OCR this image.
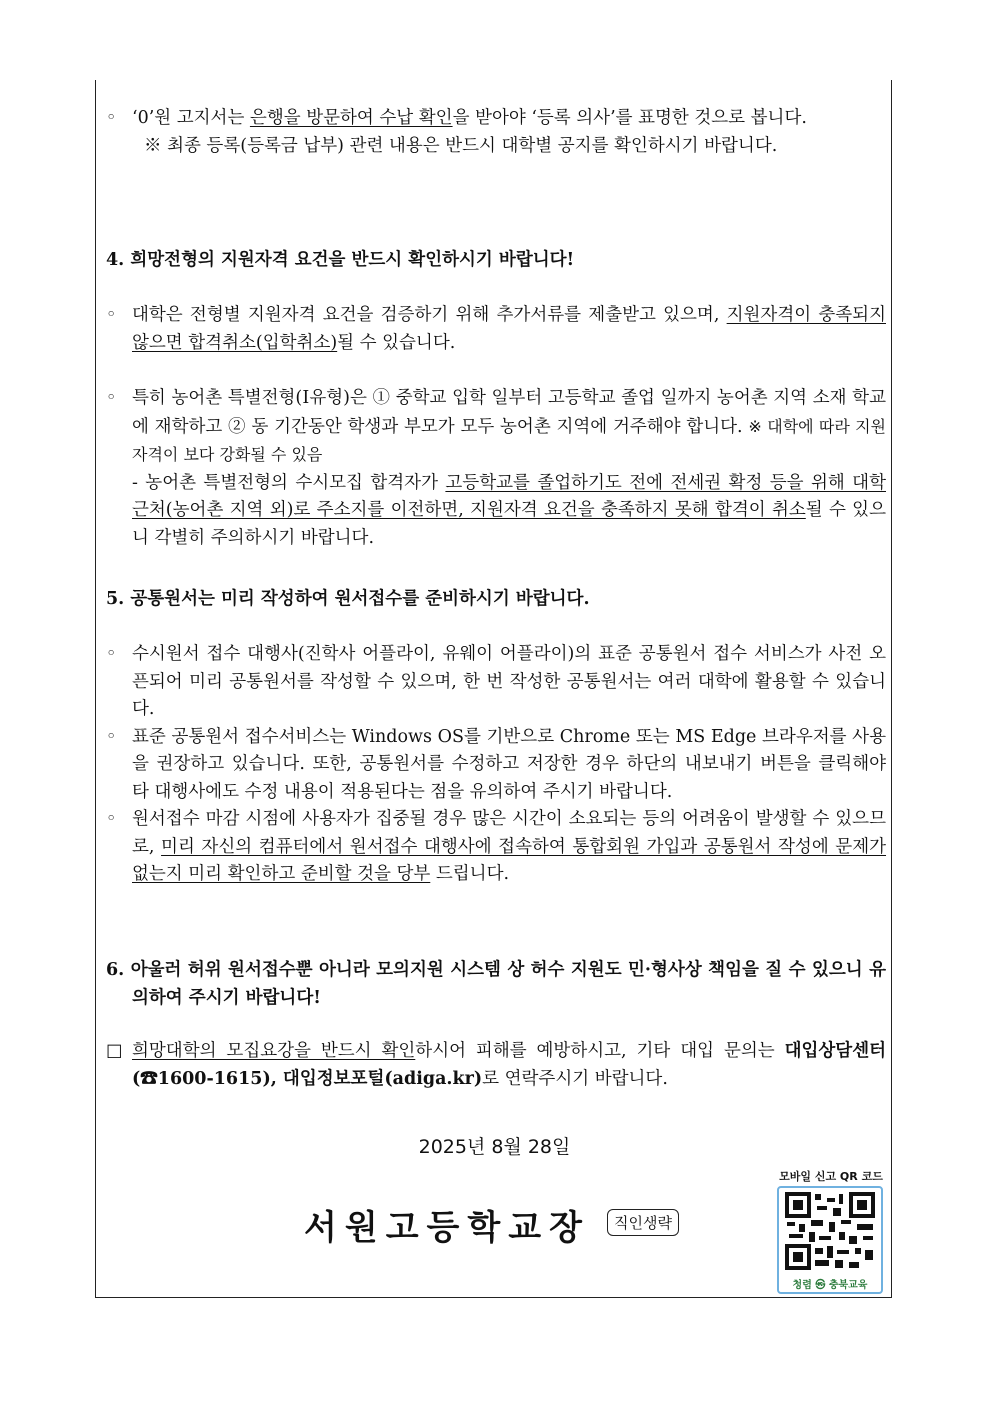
◦ ‘0’원 고지서는 은행을 방문하여 수납 확인을 받아야 ‘등록 의사’를 표명한 것으로 봅니다.
※ 최종 등록(등록금 납부) 관련 내용은 반드시 대학별 공지를 확인하시기 바랍니다.
4. 희망전형의 지원자격 요건을 반드시 확인하시기 바랍니다!
◦ 대학은 전형별 지원자격 요건을 검증하기 위해 추가서류를 제출받고 있으며, 지원자격이 충족되지 않으면 합격취소(입학취소)될 수 있습니다.
◦ 특히 농어촌 특별전형(Ⅰ유형)은 ① 중학교 입학 일부터 고등학교 졸업 일까지 농어촌 지역 소재 학교에 재학하고 ② 동 기간동안 학생과 부모가 모두 농어촌 지역에 거주해야 합니다. ※ 대학에 따라 지원자격이 보다 강화될 수 있음
- 농어촌 특별전형의 수시모집 합격자가 고등학교를 졸업하기도 전에 전세권 확정 등을 위해 대학 근처(농어촌 지역 외)로 주소지를 이전하면, 지원자격 요건을 충족하지 못해 합격이 취소될 수 있으니 각별히 주의하시기 바랍니다.
5. 공통원서는 미리 작성하여 원서접수를 준비하시기 바랍니다.
◦ 수시원서 접수 대행사(진학사 어플라이, 유웨이 어플라이)의 표준 공통원서 접수 서비스가 사전 오픈되어 미리 공통원서를 작성할 수 있으며, 한 번 작성한 공통원서는 여러 대학에 활용할 수 있습니다.
◦ 표준 공통원서 접수서비스는 Windows OS를 기반으로 Chrome 또는 MS Edge 브라우저를 사용을 권장하고 있습니다. 또한, 공통원서를 수정하고 저장한 경우 하단의 내보내기 버튼을 클릭해야 타 대행사에도 수정 내용이 적용된다는 점을 유의하여 주시기 바랍니다.
◦ 원서접수 마감 시점에 사용자가 집중될 경우 많은 시간이 소요되는 등의 어려움이 발생할 수 있으므로, 미리 자신의 컴퓨터에서 원서접수 대행사에 접속하여 통합회원 가입과 공통원서 작성에 문제가 없는지 미리 확인하고 준비할 것을 당부 드립니다.
6. 아울러 허위 원서접수뿐 아니라 모의지원 시스템 상 허수 지원도 민·형사상 책임을 질 수 있으니 유의하여 주시기 바랍니다!
□ 희망대학의 모집요강을 반드시 확인하시어 피해를 예방하시고, 기타 대입 문의는 대입상담센터(☎1600-1615), 대입정보포털(adiga.kr)로 연락주시기 바랍니다.
2025년 8월 28일
서원고등학교장	직인생략
모바일 신고 QR 코드
청렴 ㉿ 충북교육
